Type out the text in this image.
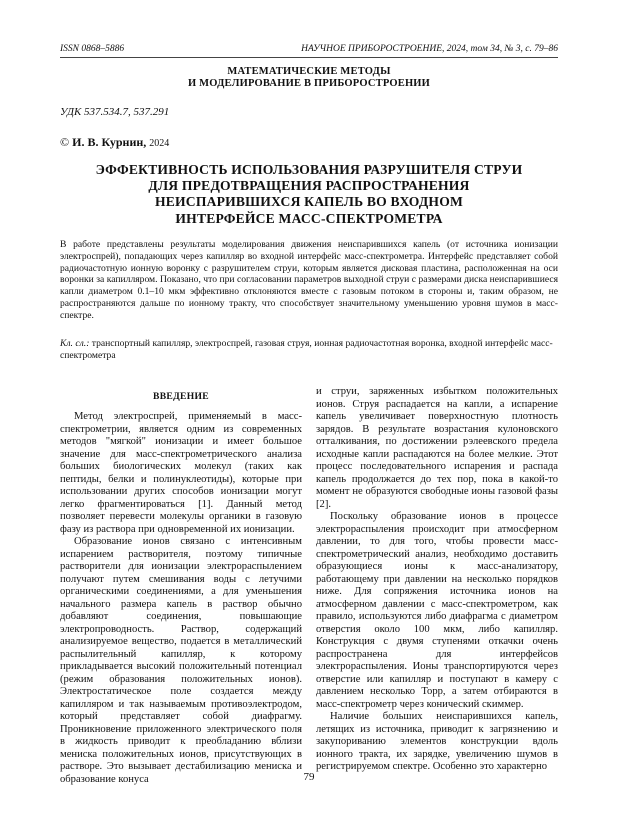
ISSN 0868–5886	НАУЧНОЕ ПРИБОРОСТРОЕНИЕ, 2024, том 34, № 3, с. 79–86
МАТЕМАТИЧЕСКИЕ МЕТОДЫ
И МОДЕЛИРОВАНИЕ В ПРИБОРОСТРОЕНИИ
УДК 537.534.7, 537.291
© И. В. Курнин, 2024
ЭФФЕКТИВНОСТЬ ИСПОЛЬЗОВАНИЯ РАЗРУШИТЕЛЯ СТРУИ
ДЛЯ ПРЕДОТВРАЩЕНИЯ РАСПРОСТРАНЕНИЯ
НЕИСПАРИВШИХСЯ КАПЕЛЬ ВО ВХОДНОМ
ИНТЕРФЕЙСЕ МАСС-СПЕКТРОМЕТРА

В работе представлены результаты моделирования движения неиспарившихся капель (от источника ионизации электроспрей), попадающих через капилляр во входной интерфейс масс-спектрометра. Интерфейс представляет собой радиочастотную ионную воронку с разрушителем струи, которым является дисковая пластина, расположенная на оси воронки за капилляром. Показано, что при согласовании параметров выходной струи с размерами диска неиспарившиеся капли диаметром 0.1–10 мкм эффективно отклоняются вместе с газовым потоком в стороны и, таким образом, не распространяются дальше по ионному тракту, что способствует значительному уменьшению уровня шумов в масс-спектре.

Кл. сл.: транспортный капилляр, электроспрей, газовая струя, ионная радиочастотная воронка, входной интерфейс масс-спектрометра

ВВЕДЕНИЕ

Метод электроспрей, применяемый в масс-спектрометрии, является одним из современных методов "мягкой" ионизации и имеет большое значение для масс-спектрометрического анализа больших биологических молекул (таких как пептиды, белки и полинуклеотиды), которые при использовании других способов ионизации могут легко фрагментироваться [1]. Данный метод позволяет перевести молекулы органики в газовую фазу из раствора при одновременной их ионизации.

Образование ионов связано с интенсивным испарением растворителя, поэтому типичные растворители для ионизации электрораспылением получают путем смешивания воды с летучими органическими соединениями, а для уменьшения начального размера капель в раствор обычно добавляют соединения, повышающие электропроводность. Раствор, содержащий анализируемое вещество, подается в металлический распылительный капилляр, к которому прикладывается высокий положительный потенциал (режим образования положительных ионов). Электростатическое поле создается между капилляром и так называемым противоэлектродом, который представляет собой диафрагму. Проникновение приложенного электрического поля в жидкость приводит к преобладанию вблизи мениска положительных ионов, присутствующих в растворе. Это вызывает дестабилизацию мениска и образование конуса

и струи, заряженных избытком положительных ионов. Струя распадается на капли, а испарение капель увеличивает поверхностную плотность зарядов. В результате возрастания кулоновского отталкивания, по достижении рэлеевского предела исходные капли распадаются на более мелкие. Этот процесс последовательного испарения и распада капель продолжается до тех пор, пока в какой-то момент не образуются свободные ионы газовой фазы [2].

Поскольку образование ионов в процессе электрораспыления происходит при атмосферном давлении, то для того, чтобы провести масс-спектрометрический анализ, необходимо доставить образующиеся ионы к масс-анализатору, работающему при давлении на несколько порядков ниже. Для сопряжения источника ионов на атмосферном давлении с масс-спектрометром, как правило, используются либо диафрагма с диаметром отверстия около 100 мкм, либо капилляр. Конструкция с двумя ступенями откачки очень распространена для интерфейсов электрораспыления. Ионы транспортируются через отверстие или капилляр и поступают в камеру с давлением несколько Торр, а затем отбираются в масс-спектрометр через конический скиммер.

Наличие больших неиспарившихся капель, летящих из источника, приводит к загрязнению и закупориванию элементов конструкции вдоль ионного тракта, их зарядке, увеличению шумов в регистрируемом спектре. Особенно это характерно

79
